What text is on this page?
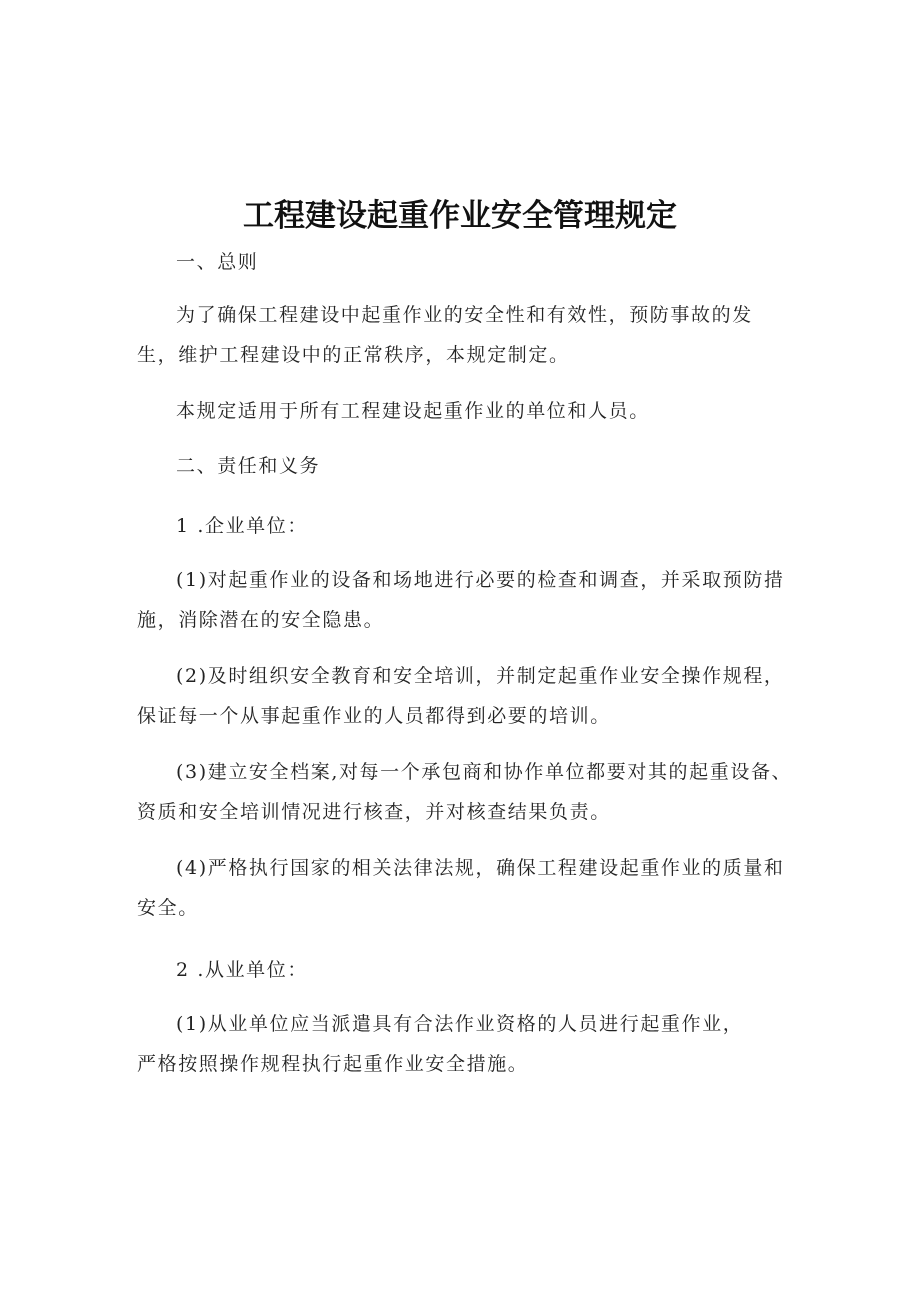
工程建设起重作业安全管理规定
一、总则
为了确保工程建设中起重作业的安全性和有效性，预防事故的发
生，维护工程建设中的正常秩序，本规定制定。
本规定适用于所有工程建设起重作业的单位和人员。
二、责任和义务
1 .企业单位：
(1)对起重作业的设备和场地进行必要的检查和调查，并采取预防措
施，消除潜在的安全隐患。
(2)及时组织安全教育和安全培训，并制定起重作业安全操作规程，
保证每一个从事起重作业的人员都得到必要的培训。
(3)建立安全档案,对每一个承包商和协作单位都要对其的起重设备、
资质和安全培训情况进行核查，并对核查结果负责。
(4)严格执行国家的相关法律法规，确保工程建设起重作业的质量和
安全。
2 .从业单位：
(1)从业单位应当派遣具有合法作业资格的人员进行起重作业，
严格按照操作规程执行起重作业安全措施。
